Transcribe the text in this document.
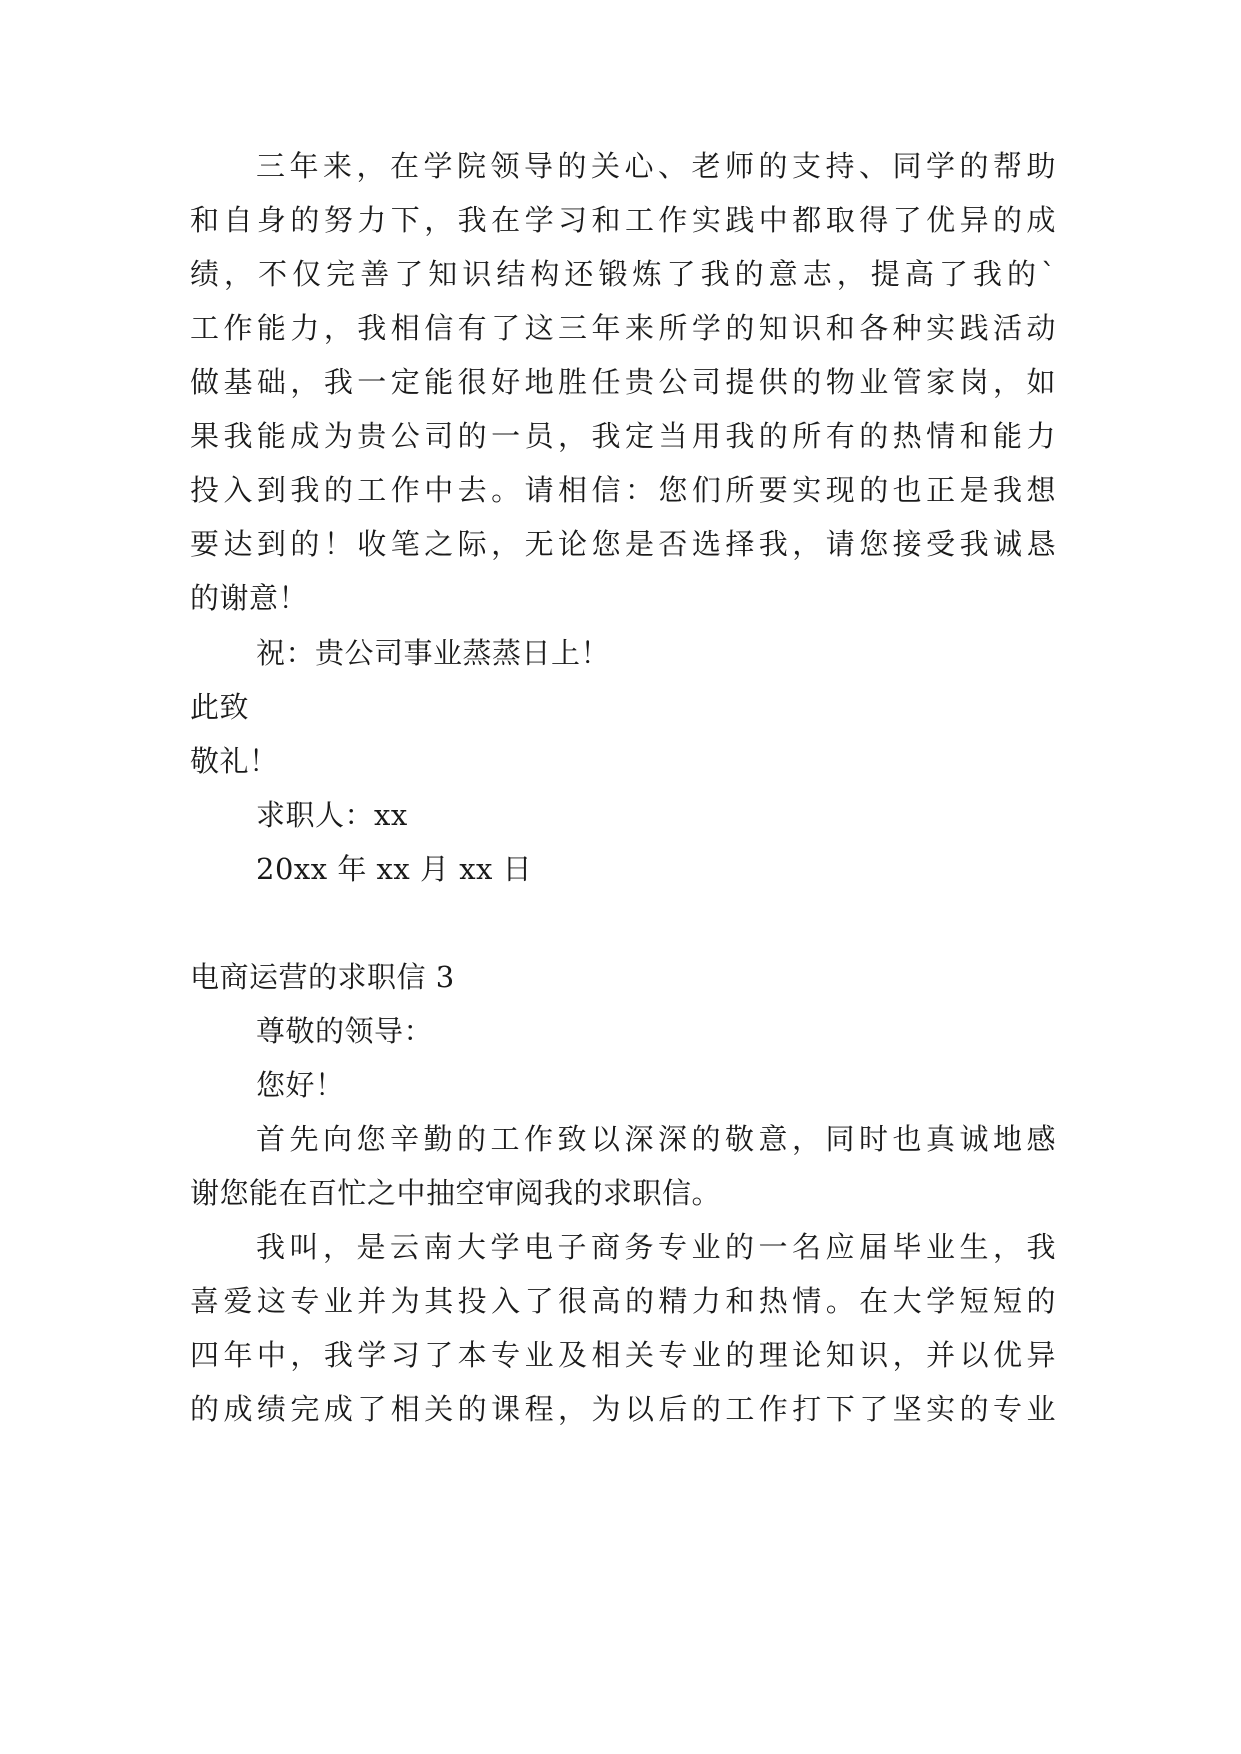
三年来，在学院领导的关心、老师的支持、同学的帮助
和自身的努力下，我在学习和工作实践中都取得了优异的成
绩，不仅完善了知识结构还锻炼了我的意志，提高了我的`
工作能力，我相信有了这三年来所学的知识和各种实践活动
做基础，我一定能很好地胜任贵公司提供的物业管家岗，如
果我能成为贵公司的一员，我定当用我的所有的热情和能力
投入到我的工作中去。请相信：您们所要实现的也正是我想
要达到的！收笔之际，无论您是否选择我，请您接受我诚恳
的谢意！
祝：贵公司事业蒸蒸日上！
此致
敬礼！
求职人：xx
20xx 年 xx 月 xx 日
电商运营的求职信 3
尊敬的领导：
您好！
首先向您辛勤的工作致以深深的敬意，同时也真诚地感
谢您能在百忙之中抽空审阅我的求职信。
我叫，是云南大学电子商务专业的一名应届毕业生，我
喜爱这专业并为其投入了很高的精力和热情。在大学短短的
四年中，我学习了本专业及相关专业的理论知识，并以优异
的成绩完成了相关的课程，为以后的工作打下了坚实的专业
